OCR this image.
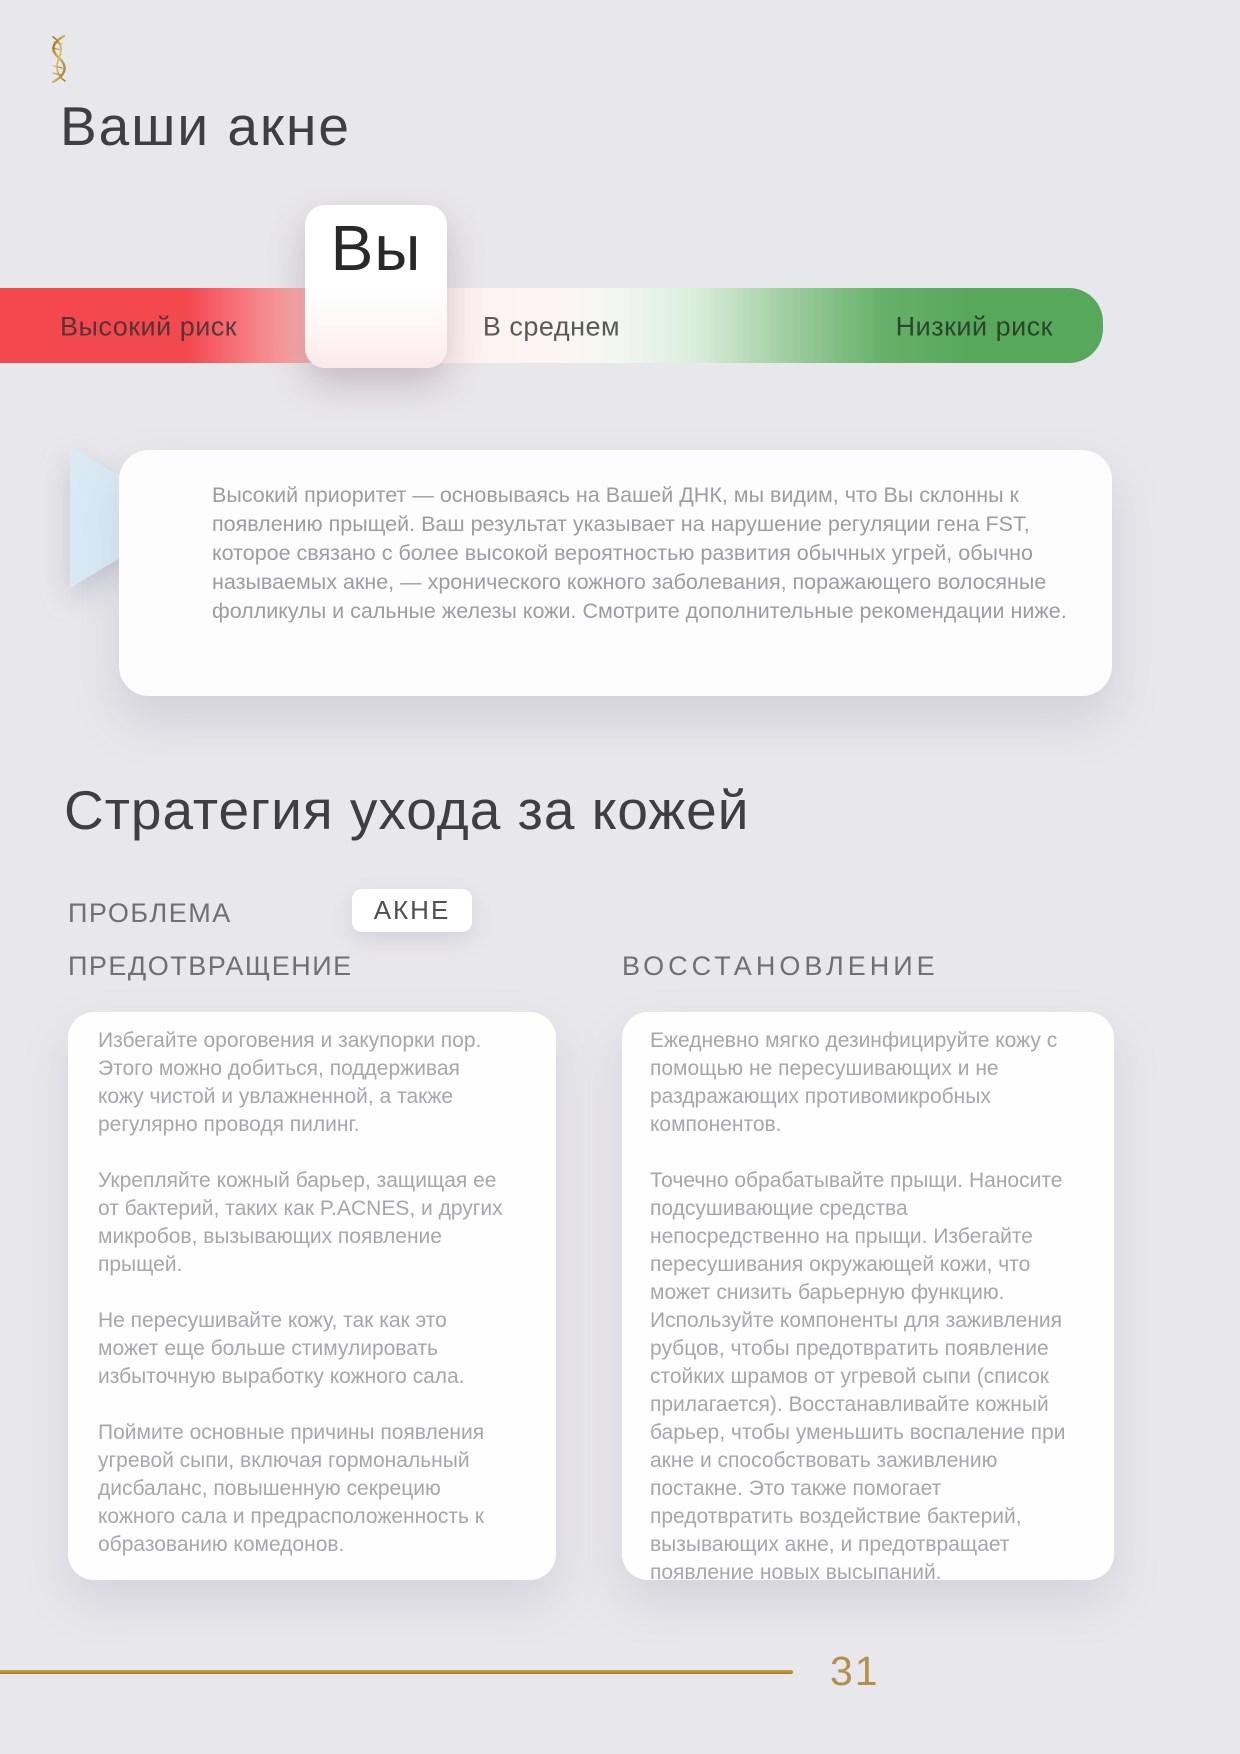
Ваши акне
Высокий риск	В среднем	Низкий риск
Вы

Высокий приоритет — основываясь на Вашей ДНК, мы видим, что Вы склонны к появлению прыщей. Ваш результат указывает на нарушение регуляции гена FST, которое связано с более высокой вероятностью развития обычных угрей, обычно называемых акне, — хронического кожного заболевания, поражающего волосяные фолликулы и сальные железы кожи. Смотрите дополнительные рекомендации ниже.

Стратегия ухода за кожей
ПРОБЛЕМА	АКНЕ
ПРЕДОТВРАЩЕНИЕ	ВОССТАНОВЛЕНИЕ

Избегайте ороговения и закупорки пор. Этого можно добиться, поддерживая кожу чистой и увлажненной, а также регулярно проводя пилинг.

Укрепляйте кожный барьер, защищая ее от бактерий, таких как P.ACNES, и других микробов, вызывающих появление прыщей.

Не пересушивайте кожу, так как это может еще больше стимулировать избыточную выработку кожного сала.

Поймите основные причины появления угревой сыпи, включая гормональный дисбаланс, повышенную секрецию кожного сала и предрасположенность к образованию комедонов.

Ежедневно мягко дезинфицируйте кожу с помощью не пересушивающих и не раздражающих противомикробных компонентов.

Точечно обрабатывайте прыщи. Наносите подсушивающие средства непосредственно на прыщи. Избегайте пересушивания окружающей кожи, что может снизить барьерную функцию. Используйте компоненты для заживления рубцов, чтобы предотвратить появление стойких шрамов от угревой сыпи (список прилагается). Восстанавливайте кожный барьер, чтобы уменьшить воспаление при акне и способствовать заживлению постакне. Это также помогает предотвратить воздействие бактерий, вызывающих акне, и предотвращает появление новых высыпаний.

31
